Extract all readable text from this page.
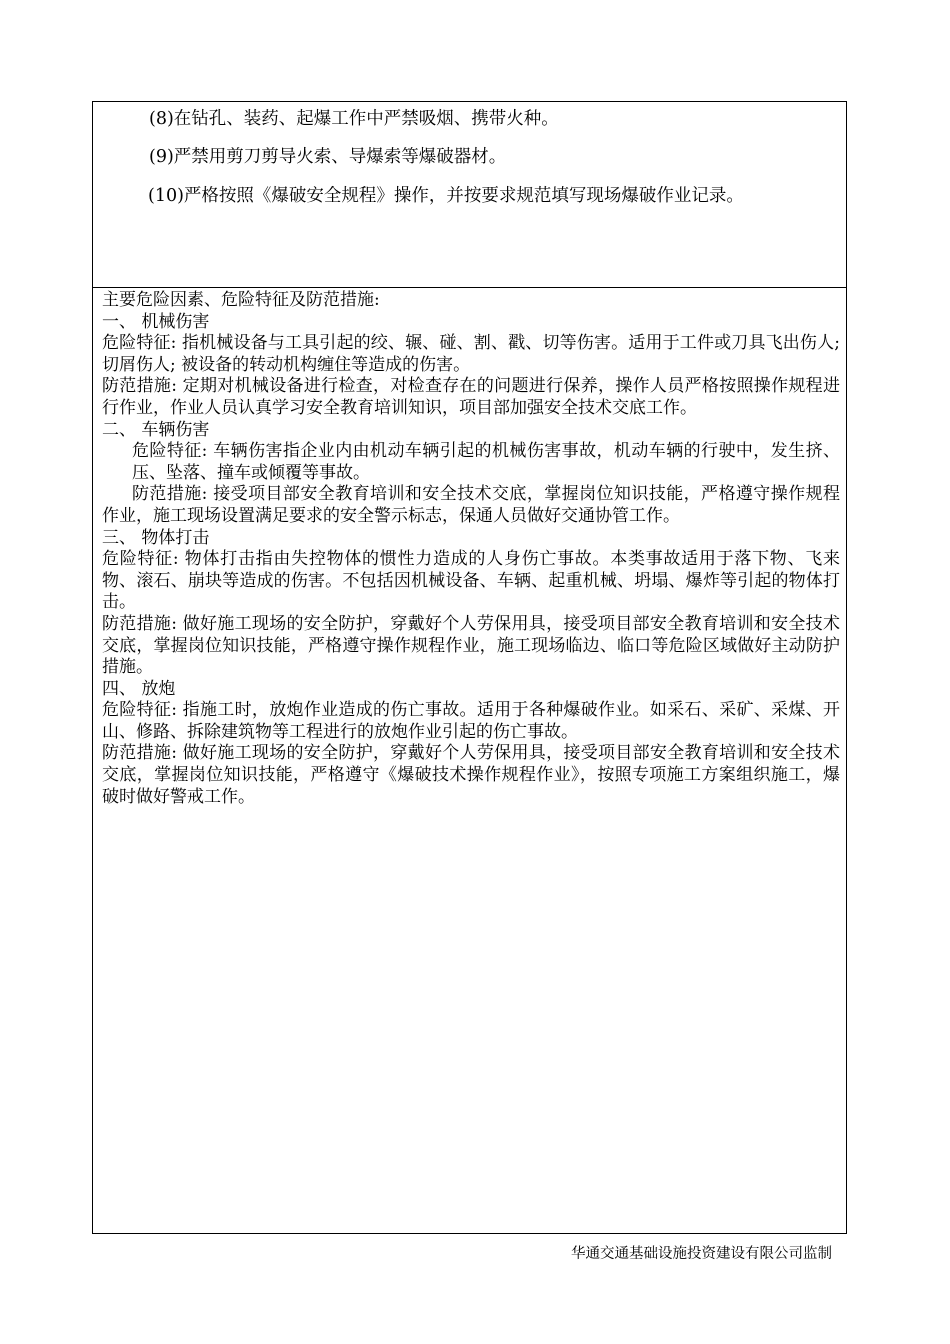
(8)在钻孔、装药、起爆工作中严禁吸烟、携带火种。
(9)严禁用剪刀剪导火索、导爆索等爆破器材。
(10)严格按照《爆破安全规程》操作，并按要求规范填写现场爆破作业记录。

主要危险因素、危险特征及防范措施:

一、 机械伤害

危险特征: 指机械设备与工具引起的绞、辗、碰、割、戳、切等伤害。适用于工件或刀具飞出伤人; 切屑伤人; 被设备的转动机构缠住等造成的伤害。

防范措施: 定期对机械设备进行检查，对检查存在的问题进行保养，操作人员严格按照操作规程进行作业，作业人员认真学习安全教育培训知识，项目部加强安全技术交底工作。

二、 车辆伤害

危险特征: 车辆伤害指企业内由机动车辆引起的机械伤害事故，机动车辆的行驶中，发生挤、压、坠落、撞车或倾覆等事故。

防范措施: 接受项目部安全教育培训和安全技术交底，掌握岗位知识技能，严格遵守操作规程作业，施工现场设置满足要求的安全警示标志，保通人员做好交通协管工作。

三、 物体打击

危险特征: 物体打击指由失控物体的惯性力造成的人身伤亡事故。本类事故适用于落下物、飞来物、滚石、崩块等造成的伤害。不包括因机械设备、车辆、起重机械、坍塌、爆炸等引起的物体打击。

防范措施: 做好施工现场的安全防护，穿戴好个人劳保用具，接受项目部安全教育培训和安全技术交底，掌握岗位知识技能，严格遵守操作规程作业，施工现场临边、临口等危险区域做好主动防护措施。

四、 放炮

危险特征: 指施工时，放炮作业造成的伤亡事故。适用于各种爆破作业。如采石、采矿、采煤、开山、修路、拆除建筑物等工程进行的放炮作业引起的伤亡事故。

防范措施: 做好施工现场的安全防护，穿戴好个人劳保用具，接受项目部安全教育培训和安全技术交底，掌握岗位知识技能，严格遵守《爆破技术操作规程作业》，按照专项施工方案组织施工，爆破时做好警戒工作。

华通交通基础设施投资建设有限公司监制
